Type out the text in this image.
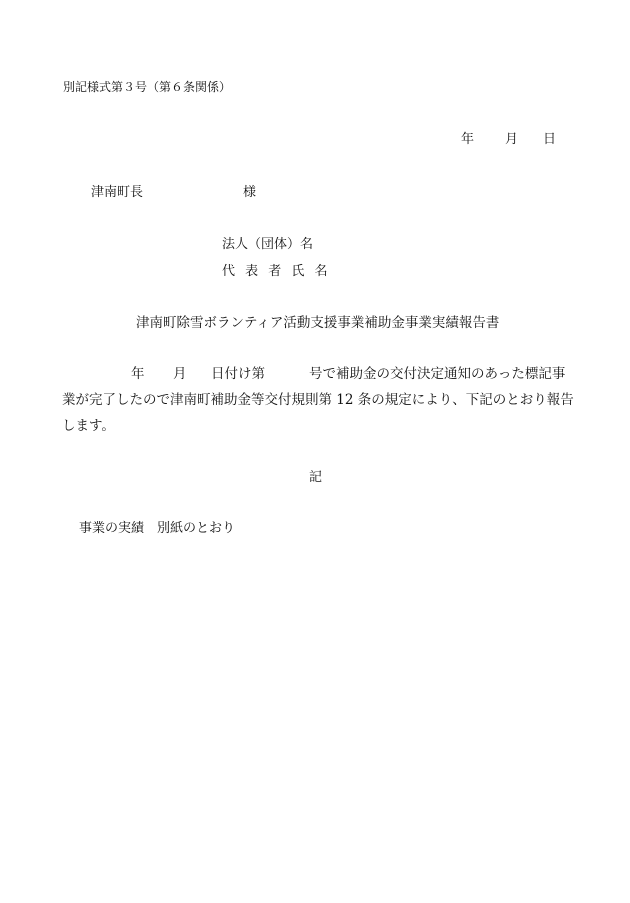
別記様式第３号（第６条関係）
年 月 日
津南町長	様
法人（団体）名
代 表 者 氏 名
津南町除雪ボランティア活動支援事業補助金事業実績報告書
年 月 日付け第	号で補助金の交付決定通知のあった標記事
業が完了したので津南町補助金等交付規則第 12 条の規定により、下記のとおり報告
します。
記
事業の実績 別紙のとおり
